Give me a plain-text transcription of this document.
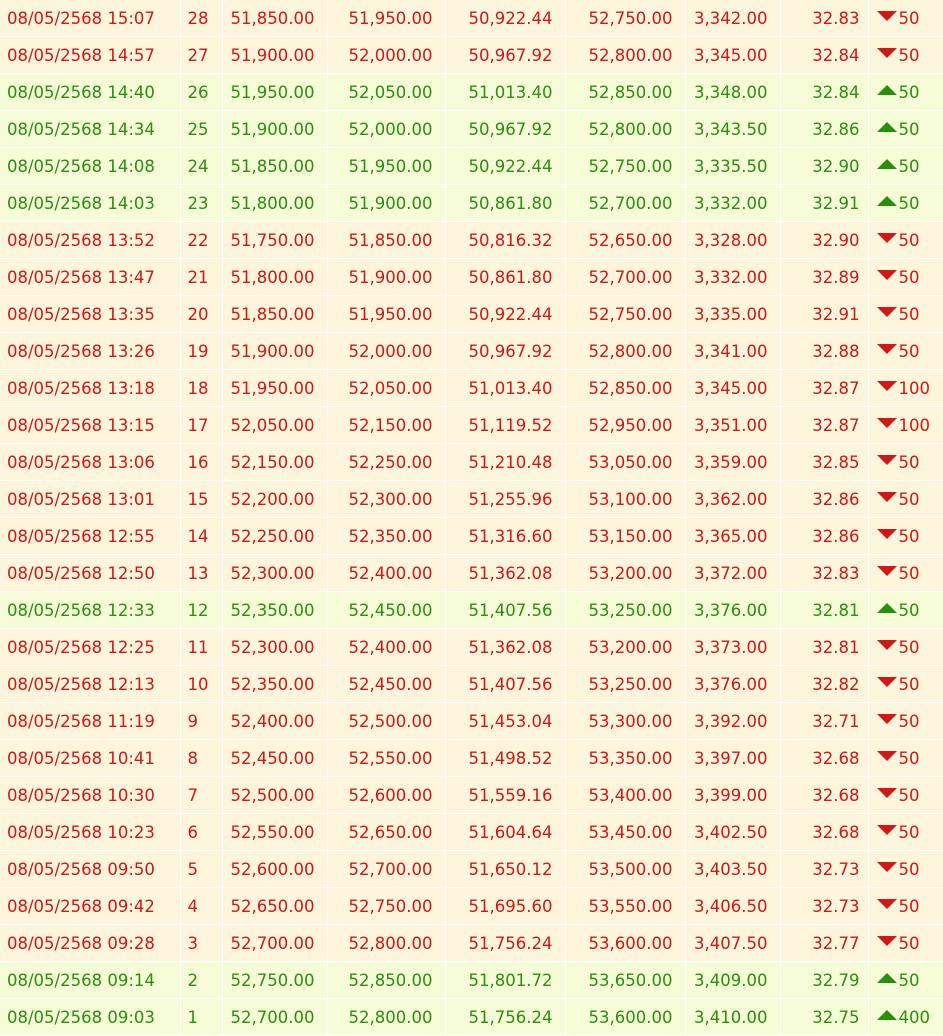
08/05/2568 15:07	28	51,850.00	51,950.00	50,922.44	52,750.00	3,342.00	32.83	50
08/05/2568 14:57	27	51,900.00	52,000.00	50,967.92	52,800.00	3,345.00	32.84	50
08/05/2568 14:40	26	51,950.00	52,050.00	51,013.40	52,850.00	3,348.00	32.84	50
08/05/2568 14:34	25	51,900.00	52,000.00	50,967.92	52,800.00	3,343.50	32.86	50
08/05/2568 14:08	24	51,850.00	51,950.00	50,922.44	52,750.00	3,335.50	32.90	50
08/05/2568 14:03	23	51,800.00	51,900.00	50,861.80	52,700.00	3,332.00	32.91	50
08/05/2568 13:52	22	51,750.00	51,850.00	50,816.32	52,650.00	3,328.00	32.90	50
08/05/2568 13:47	21	51,800.00	51,900.00	50,861.80	52,700.00	3,332.00	32.89	50
08/05/2568 13:35	20	51,850.00	51,950.00	50,922.44	52,750.00	3,335.00	32.91	50
08/05/2568 13:26	19	51,900.00	52,000.00	50,967.92	52,800.00	3,341.00	32.88	50
08/05/2568 13:18	18	51,950.00	52,050.00	51,013.40	52,850.00	3,345.00	32.87	100
08/05/2568 13:15	17	52,050.00	52,150.00	51,119.52	52,950.00	3,351.00	32.87	100
08/05/2568 13:06	16	52,150.00	52,250.00	51,210.48	53,050.00	3,359.00	32.85	50
08/05/2568 13:01	15	52,200.00	52,300.00	51,255.96	53,100.00	3,362.00	32.86	50
08/05/2568 12:55	14	52,250.00	52,350.00	51,316.60	53,150.00	3,365.00	32.86	50
08/05/2568 12:50	13	52,300.00	52,400.00	51,362.08	53,200.00	3,372.00	32.83	50
08/05/2568 12:33	12	52,350.00	52,450.00	51,407.56	53,250.00	3,376.00	32.81	50
08/05/2568 12:25	11	52,300.00	52,400.00	51,362.08	53,200.00	3,373.00	32.81	50
08/05/2568 12:13	10	52,350.00	52,450.00	51,407.56	53,250.00	3,376.00	32.82	50
08/05/2568 11:19	9	52,400.00	52,500.00	51,453.04	53,300.00	3,392.00	32.71	50
08/05/2568 10:41	8	52,450.00	52,550.00	51,498.52	53,350.00	3,397.00	32.68	50
08/05/2568 10:30	7	52,500.00	52,600.00	51,559.16	53,400.00	3,399.00	32.68	50
08/05/2568 10:23	6	52,550.00	52,650.00	51,604.64	53,450.00	3,402.50	32.68	50
08/05/2568 09:50	5	52,600.00	52,700.00	51,650.12	53,500.00	3,403.50	32.73	50
08/05/2568 09:42	4	52,650.00	52,750.00	51,695.60	53,550.00	3,406.50	32.73	50
08/05/2568 09:28	3	52,700.00	52,800.00	51,756.24	53,600.00	3,407.50	32.77	50
08/05/2568 09:14	2	52,750.00	52,850.00	51,801.72	53,650.00	3,409.00	32.79	50
08/05/2568 09:03	1	52,700.00	52,800.00	51,756.24	53,600.00	3,410.00	32.75	400
